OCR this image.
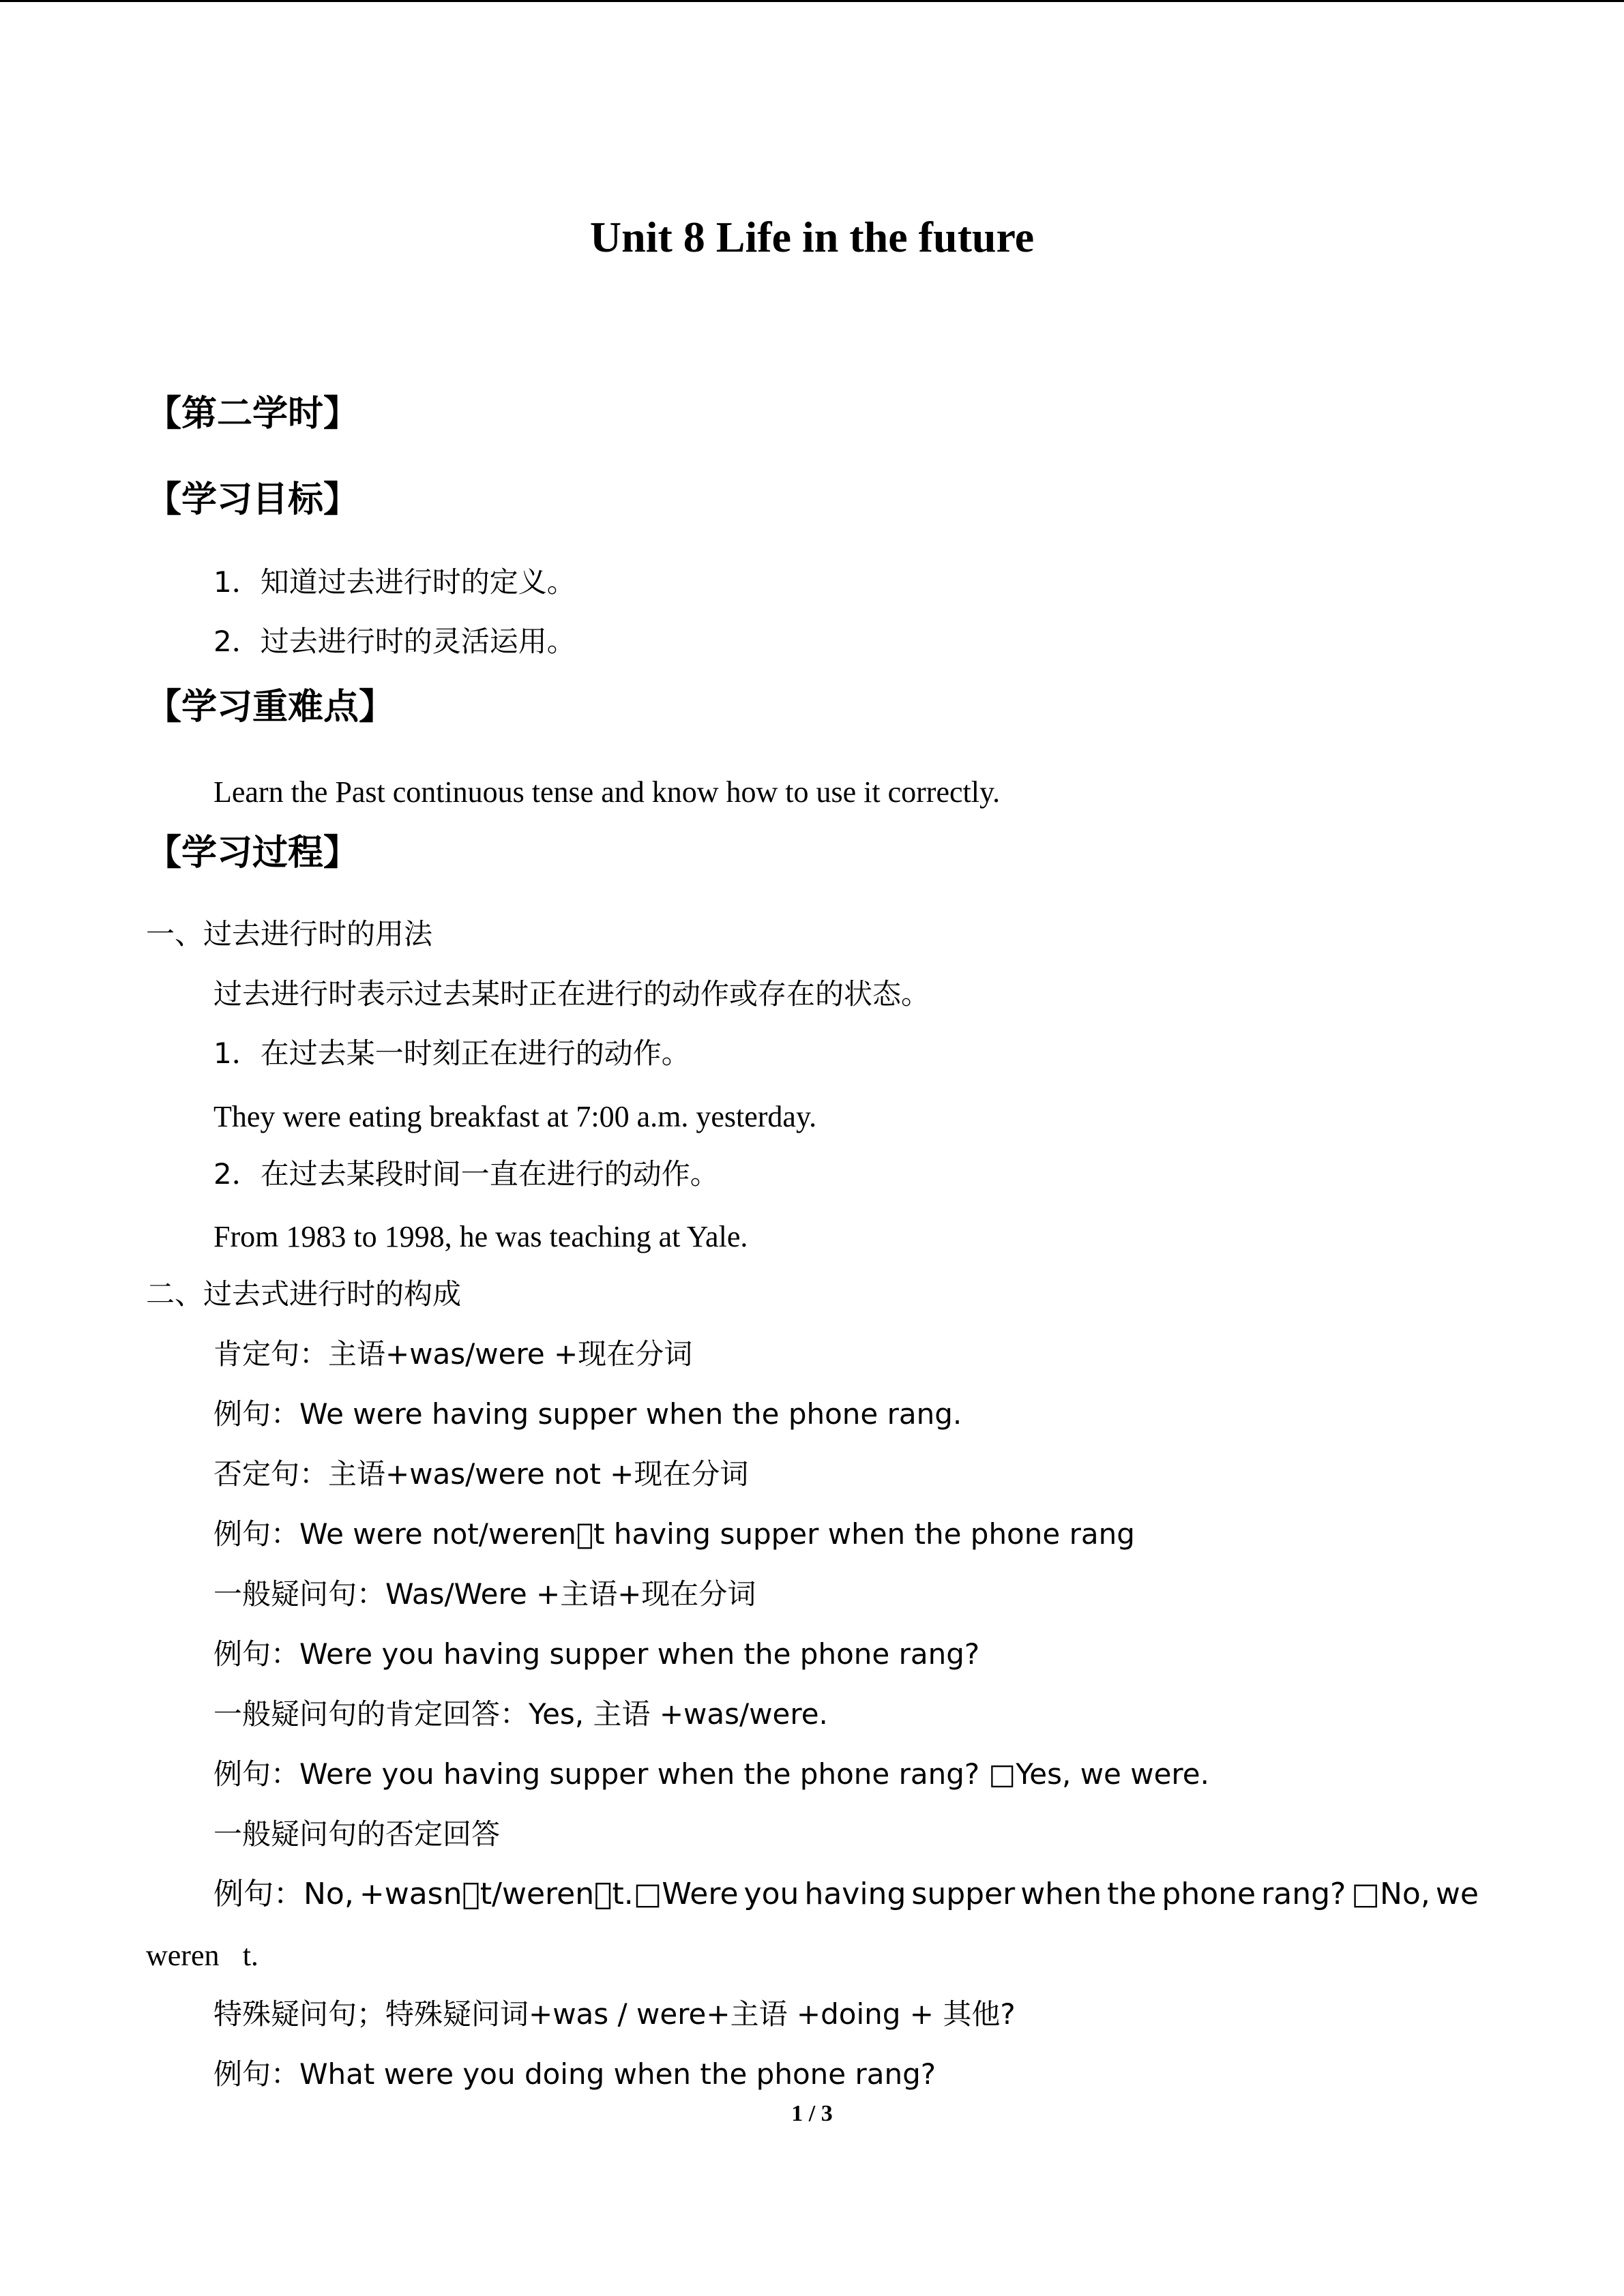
Unit 8 Life in the future
【第二学时】
【学习目标】
1．知道过去进行时的定义。
2．过去进行时的灵活运用。
【学习重难点】
Learn the Past continuous tense and know how to use it correctly.
【学习过程】
一、过去进行时的用法
过去进行时表示过去某时正在进行的动作或存在的状态。
1．在过去某一时刻正在进行的动作。
They were eating breakfast at 7:00 a.m. yesterday.
2．在过去某段时间一直在进行的动作。
From 1983 to 1998, he was teaching at Yale.
二、过去式进行时的构成
肯定句：主语+was/were +现在分词
例句：We were having supper when the phone rang.
否定句：主语+was/were not +现在分词
例句：We were not/weren t having supper when the phone rang
一般疑问句：Was/Were +主语+现在分词
例句：Were you having supper when the phone rang?
一般疑问句的肯定回答：Yes, 主语 +was/were.
例句：Were you having supper when the phone rang? □Yes, we were.
一般疑问句的否定回答
例句：No, +wasn t/weren t.□Were you having supper when the phone rang? □No, we
weren t.
特殊疑问句；特殊疑问词+was / were+主语 +doing + 其他?
例句：What were you doing when the phone rang?
1 / 3
